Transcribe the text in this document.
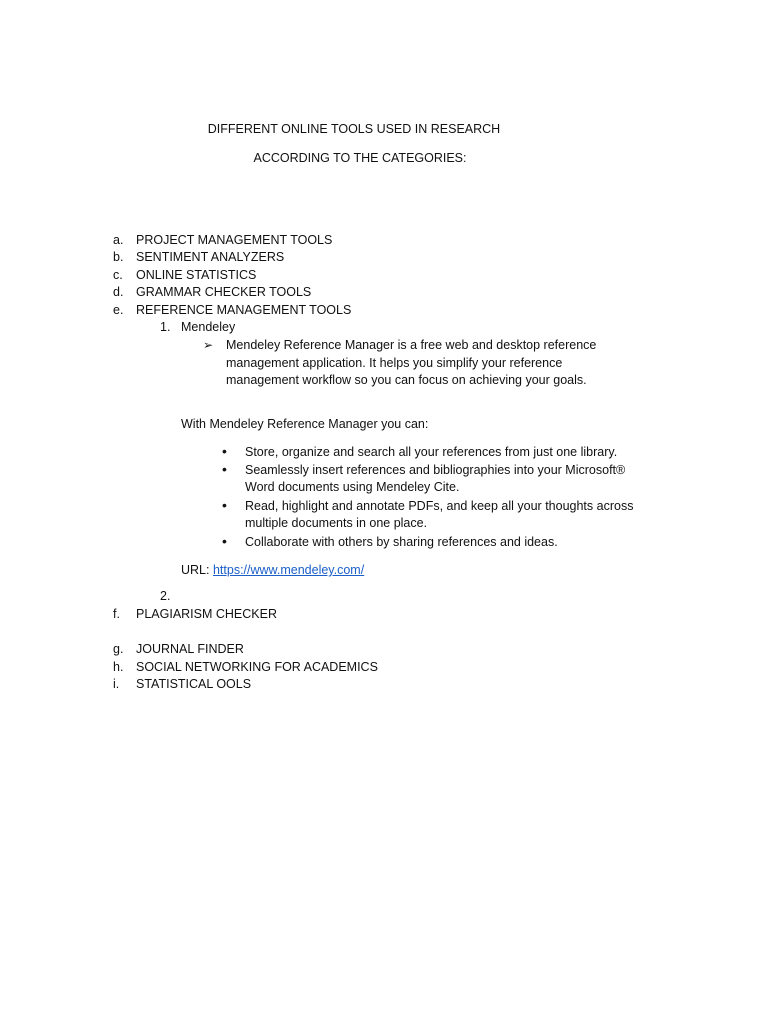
DIFFERENT ONLINE TOOLS USED IN RESEARCH
ACCORDING TO THE CATEGORIES:
a. PROJECT MANAGEMENT TOOLS
b. SENTIMENT ANALYZERS
c. ONLINE STATISTICS
d. GRAMMAR CHECKER TOOLS
e. REFERENCE MANAGEMENT TOOLS
1. Mendeley
➢ Mendeley Reference Manager is a free web and desktop reference
management application. It helps you simplify your reference
management workflow so you can focus on achieving your goals.
With Mendeley Reference Manager you can:
• Store, organize and search all your references from just one library.
• Seamlessly insert references and bibliographies into your Microsoft®
Word documents using Mendeley Cite.
• Read, highlight and annotate PDFs, and keep all your thoughts across
multiple documents in one place.
• Collaborate with others by sharing references and ideas.
URL: https://www.mendeley.com/
2.
f. PLAGIARISM CHECKER
g. JOURNAL FINDER
h. SOCIAL NETWORKING FOR ACADEMICS
i. STATISTICAL OOLS
